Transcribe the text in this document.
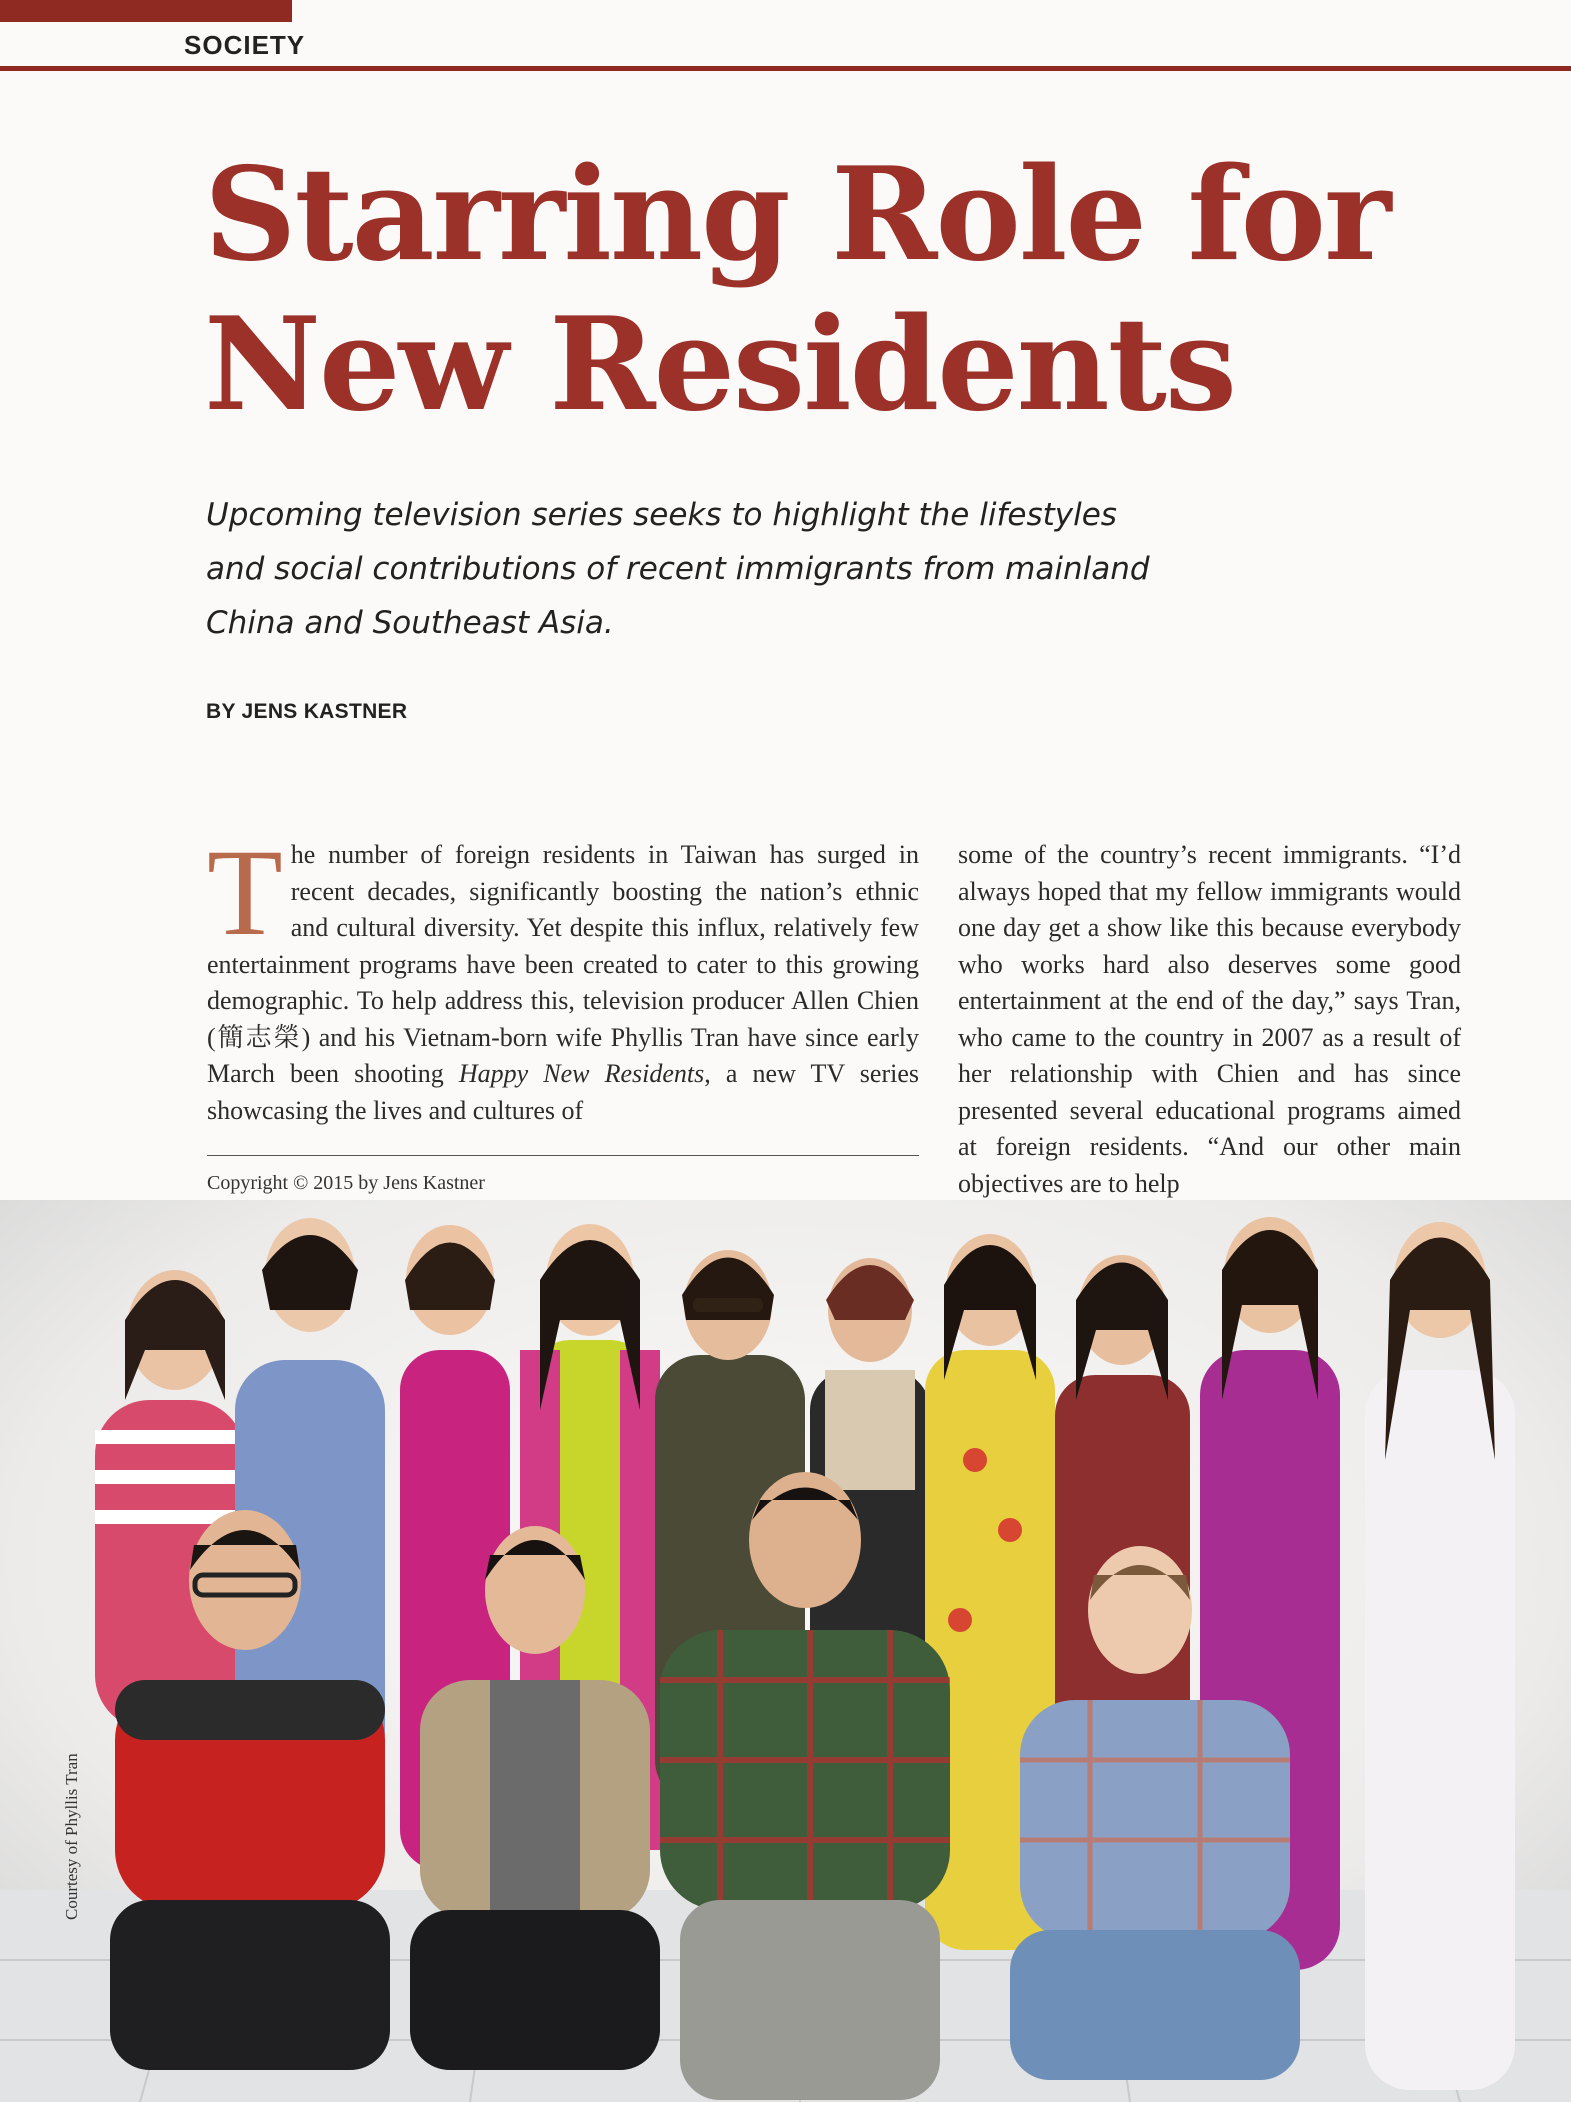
SOCIETY
Starring Role for
New Residents

Upcoming television series seeks to highlight the lifestyles and social contributions of recent immigrants from mainland China and Southeast Asia.

BY JENS KASTNER
The number of foreign residents in Taiwan has surged in recent decades, significantly boosting the nation’s ethnic and cultural diversity. Yet despite this influx, relatively few entertainment programs have been created to cater to this growing demographic. To help address this, television producer Allen Chien (簡志榮) and his Vietnam-born wife Phyllis Tran have since early March been shooting Happy New Residents, a new TV series showcasing the lives and cultures of
some of the country’s recent immigrants. “I’d always hoped that my fellow immigrants would one day get a show like this because everybody who works hard also deserves some good entertainment at the end of the day,” says Tran, who came to the country in 2007 as a result of her relationship with Chien and has since presented several educational programs aimed at foreign residents. “And our other main objectives are to help
Copyright © 2015 by Jens Kastner
Courtesy of Phyllis Tran
